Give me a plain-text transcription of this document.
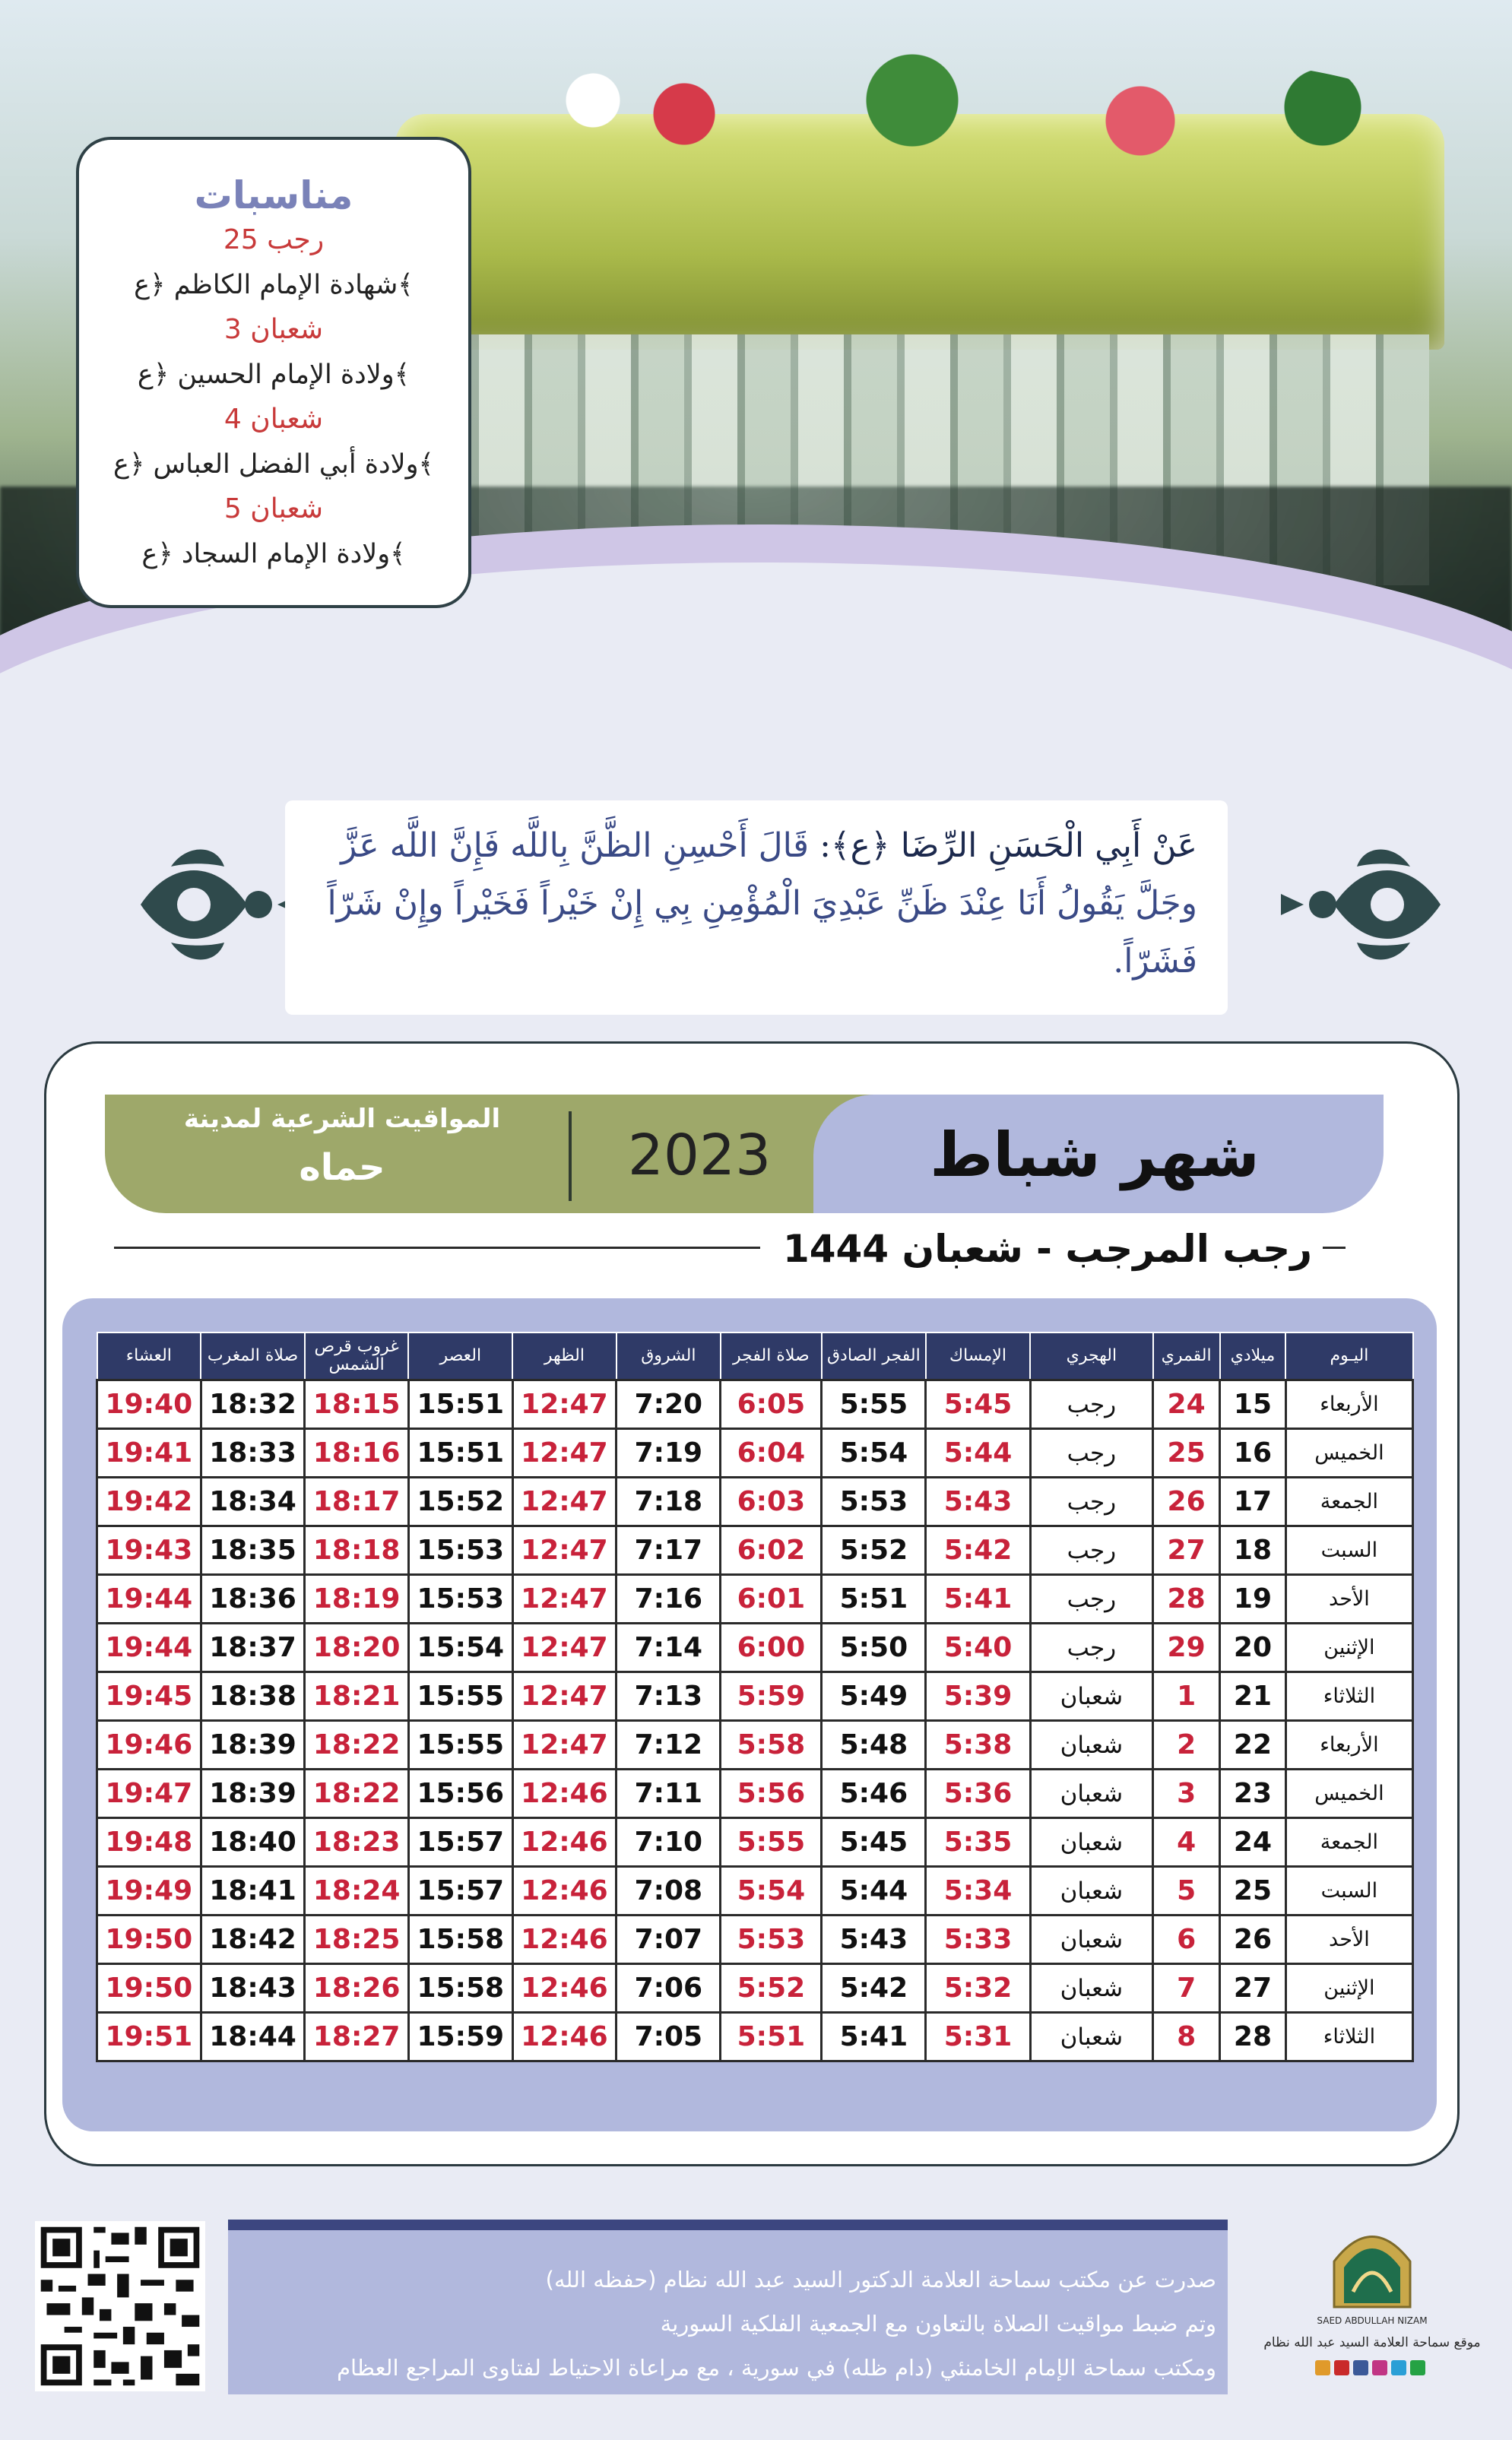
مناسبات
25 رجب
شهادة الإمام الكاظم ﴿ع﴾
3 شعبان
ولادة الإمام الحسين ﴿ع﴾
4 شعبان
ولادة أبي الفضل العباس ﴿ع﴾
5 شعبان
ولادة الإمام السجاد ﴿ع﴾
عَنْ أَبِي الْحَسَنِ الرِّضَا ﴿ع﴾: قَالَ أَحْسِنِ الظَّنَّ بِاللَّه فَإِنَّ اللَّه عَزَّ وجَلَّ يَقُولُ أَنَا عِنْدَ ظَنِّ عَبْدِيَ الْمُؤْمِنِ بِي إِنْ خَيْراً فَخَيْراً وإِنْ شَرّاً فَشَرّاً.
شهر شباط
2023
المواقيت الشرعية لمدينة
حماه
رجب المرجب - شعبان 1444
اليـوم	ميلادي	القمري	الهجري	الإمساك	الفجر الصادق	صلاة الفجر	الشروق	الظهر	العصر	غروب قرص الشمس	صلاة المغرب	العشاء
الأربعاء	15	24	رجب	5:45	5:55	6:05	7:20	12:47	15:51	18:15	18:32	19:40
الخميس	16	25	رجب	5:44	5:54	6:04	7:19	12:47	15:51	18:16	18:33	19:41
الجمعة	17	26	رجب	5:43	5:53	6:03	7:18	12:47	15:52	18:17	18:34	19:42
السبت	18	27	رجب	5:42	5:52	6:02	7:17	12:47	15:53	18:18	18:35	19:43
الأحد	19	28	رجب	5:41	5:51	6:01	7:16	12:47	15:53	18:19	18:36	19:44
الإثنين	20	29	رجب	5:40	5:50	6:00	7:14	12:47	15:54	18:20	18:37	19:44
الثلاثاء	21	1	شعبان	5:39	5:49	5:59	7:13	12:47	15:55	18:21	18:38	19:45
الأربعاء	22	2	شعبان	5:38	5:48	5:58	7:12	12:47	15:55	18:22	18:39	19:46
الخميس	23	3	شعبان	5:36	5:46	5:56	7:11	12:46	15:56	18:22	18:39	19:47
الجمعة	24	4	شعبان	5:35	5:45	5:55	7:10	12:46	15:57	18:23	18:40	19:48
السبت	25	5	شعبان	5:34	5:44	5:54	7:08	12:46	15:57	18:24	18:41	19:49
الأحد	26	6	شعبان	5:33	5:43	5:53	7:07	12:46	15:58	18:25	18:42	19:50
الإثنين	27	7	شعبان	5:32	5:42	5:52	7:06	12:46	15:58	18:26	18:43	19:50
الثلاثاء	28	8	شعبان	5:31	5:41	5:51	7:05	12:46	15:59	18:27	18:44	19:51
صدرت عن مكتب سماحة العلامة الدكتور السيد عبد الله نظام (حفظه الله)
وتم ضبط مواقيت الصلاة بالتعاون مع الجمعية الفلكية السورية
ومكتب سماحة الإمام الخامنئي (دام ظله) في سورية ، مع مراعاة الاحتياط لفتاوى المراجع العظام
SAED ABDULLAH NIZAM
موقع سماحة العلامة السيد عبد الله نظام
